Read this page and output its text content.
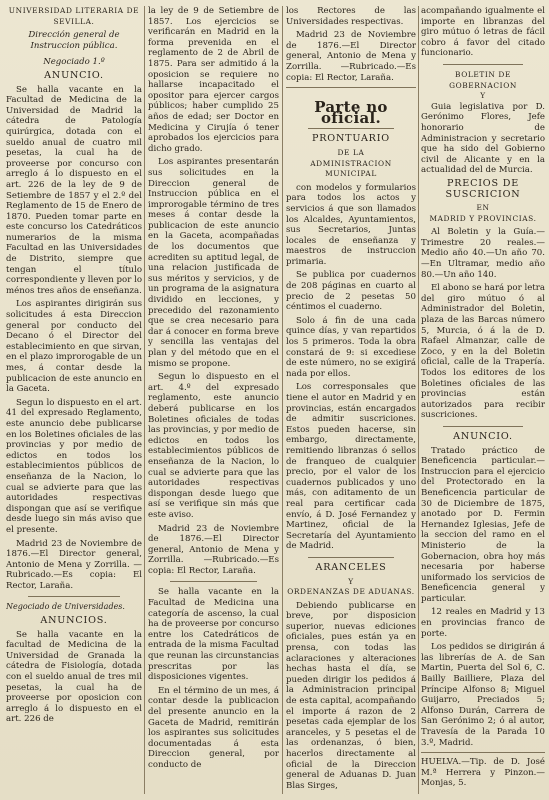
UNIVERSIDAD LITERARIA DE SEVILLA.
Dirección general de Instruccion pública.
Negociado 1.º
ANUNCIO.

Se halla vacante en la Facultad de Medicina de la Universidad de Madrid la cátedra de Patología quirúrgica, dotada con el sueldo anual de cuatro mil pesetas, la cual ha de proveerse por concurso con arreglo á lo dispuesto en el art. 226 de la ley de 9 de Setiembre de 1857 y el 2.º del Reglamento de 15 de Enero de 1870. Pueden tomar parte en este concurso los Catedráticos numerarios de la misma Facultad en las Universidades de Distrito, siempre que tengan el título correspondiente y lleven por lo ménos tres años de enseñanza.

Los aspirantes dirigirán sus solicitudes á esta Direccion general por conducto del Decano ó el Director del establecimiento en que sirvan, en el plazo improrogable de un mes, á contar desde la publicacion de este anuncio en la Gaceta.

Segun lo dispuesto en el art. 41 del expresado Reglamento, este anuncio debe publicarse en los Boletines oficiales de las provincias y por medio de edictos en todos los establecimientos públicos de enseñanza de la Nacion, lo cual se advierte para que las autoridades respectivas dispongan que así se verifique desde luego sin más aviso que el presente.

Madrid 23 de Noviembre de 1876.—El Director general, Antonio de Mena y Zorrilla. —Rubricado.—Es copia: El Rector, Laraña.

Negociado de Universidades.
ANUNCIOS.

Se halla vacante en la facultad de Medicina de la Universidad de Granada la cátedra de Fisiología, dotada con el sueldo anual de tres mil pesetas, la cual ha de proveerse por oposicion con arreglo á lo dispuesto en el art. 226 de

la ley de 9 de Setiembre de 1857. Los ejercicios se verificarán en Madrid en la forma prevenida en el reglamento de 2 de Abril de 1875. Para ser admitido á la oposicion se requiere no hallarse incapacitado el opositor para ejercer cargos públicos; haber cumplido 25 años de edad; ser Doctor en Medicina y Cirujía ó tener aprobados los ejercicios para dicho grado.

Los aspirantes presentarán sus solicitudes en la Direccion general de Instruccion pública en el improrogable término de tres meses á contar desde la publicacion de este anuncio en la Gaceta, acompañadas de los documentos que acrediten su aptitud legal, de una relacion justificada de sus méritos y servicios, y de un programa de la asignatura dividido en lecciones, y precedido del razonamiento que se crea necesario para dar á conocer en forma breve y sencilla las ventajas del plan y del método que en el mismo se propone.

Segun lo dispuesto en el art. 4.º del expresado reglamento, este anuncio deberá publicarse en los Boletines oficiales de todas las provincias, y por medio de edictos en todos los establecimientos públicos de enseñanza de la Nacion, lo cual se advierte para que las autoridades respectivas dispongan desde luego que así se verifique sin más que este aviso.

Madrid 23 de Noviembre de 1876.—El Director general, Antonio de Mena y Zorrilla. —Rubricado.—Es copia: El Rector, Laraña.

Se halla vacante en la Facultad de Medicina una categoría de ascenso, la cual ha de proveerse por concurso entre los Catedráticos de entrada de la misma Facultad que reunan las circunstancias prescritas por las disposiciones vigentes.

En el término de un mes, á contar desde la publicacion del presente anuncio en la Gaceta de Madrid, remitirán los aspirantes sus solicitudes documentadas á esta Direccion general, por conducto de

los Rectores de las Universidades respectivas.

Madrid 23 de Noviembre de 1876.—El Director general, Antonio de Mena y Zorrilla. —Rubricado.—Es copia: El Rector, Laraña.

Parte no oficial.
PRONTUARIO
DE LA
ADMINISTRACION MUNICIPAL

con modelos y formularios para todos los actos y servicios á que son llamados los Alcaldes, Ayuntamientos, sus Secretarios, Juntas locales de enseñanza y maestros de instruccion primaria.

Se publica por cuadernos de 208 páginas en cuarto al precio de 2 pesetas 50 céntimos el cuaderno.

Solo á fin de una cada quince días, y van repartidos los 5 primeros. Toda la obra constará de 9: si excediese de este número, no se exigirá nada por ellos.

Los corresponsales que tiene el autor en Madrid y en provincias, están encargados de admitir suscriciones. Estos pueden hacerse, sin embargo, directamente, remitiendo libranzas ó sellos de franqueo de cualquier precio, por el valor de los cuadernos publicados y uno más, con aditamento de un real para certificar cada envío, á D. José Fernandez y Martinez, oficial de la Secretaría del Ayuntamiento de Madrid.

ARANCELES
Y
ORDENANZAS DE ADUANAS.

Debiendo publicarse en breve, por disposicion superior, nuevas ediciones oficiales, pues están ya en prensa, con todas las aclaraciones y alteraciones hechas hasta el día, se pueden dirigir los pedidos á la Administracion principal de esta capital, acompañando el importe á razon de 2 pesetas cada ejemplar de los aranceles, y 5 pesetas el de las ordenanzas, ó bien, hacerlos directamente al oficial de la Direccion general de Aduanas D. Juan Blas Sirges,

acompañando igualmente el importe en libranzas del giro mútuo ó letras de fácil cobro á favor del citado funcionario.

BOLETIN DE GOBERNACION
Y

Guia legislativa por D. Gerónimo Flores, Jefe honorario de Administracion y secretario que ha sido del Gobierno civil de Alicante y en la actualidad del de Murcia.

PRECIOS DE SUSCRICION
EN
MADRID Y PROVINCIAS.

Al Boletin y la Guía.—Trimestre 20 reales.—Medio año 40.—Un año 70.—En Ultramar, medio año 80.—Un año 140.

El abono se hará por letra del giro mútuo ó al Administrador del Boletin, plaza de las Barcas número 5, Murcia, ó á la de D. Rafael Almanzar, calle de Zoco, y en la del Boletin oficial, calle de la Trapería. Todos los editores de los Boletines oficiales de las provincias están autorizados para recibir suscriciones.

ANUNCIO.

Tratado práctico de Beneficencia particular.—Instruccion para el ejercicio del Protectorado en la Beneficencia particular de 30 de Diciembre de 1875, anotado por D. Fermin Hernandez Iglesias, Jefe de la seccion del ramo en el Ministerio de la Gobernacion, obra hoy más necesaria por haberse uniformado los servicios de Beneficencia general y particular.

12 reales en Madrid y 13 en provincias franco de porte.

Los pedidos se dirigirán á las librerías de A. de San Martin, Puerta del Sol 6, C. Bailly Bailliere, Plaza del Príncipe Alfonso 8; Miguel Guijarro, Preciados 5; Alfonso Durán, Carrera de San Gerónimo 2; ó al autor, Travesía de la Parada 10 3.º, Madrid.

HUELVA.—Tip. de D. José M.ª Herrera y Pinzon.—Monjas, 5.
